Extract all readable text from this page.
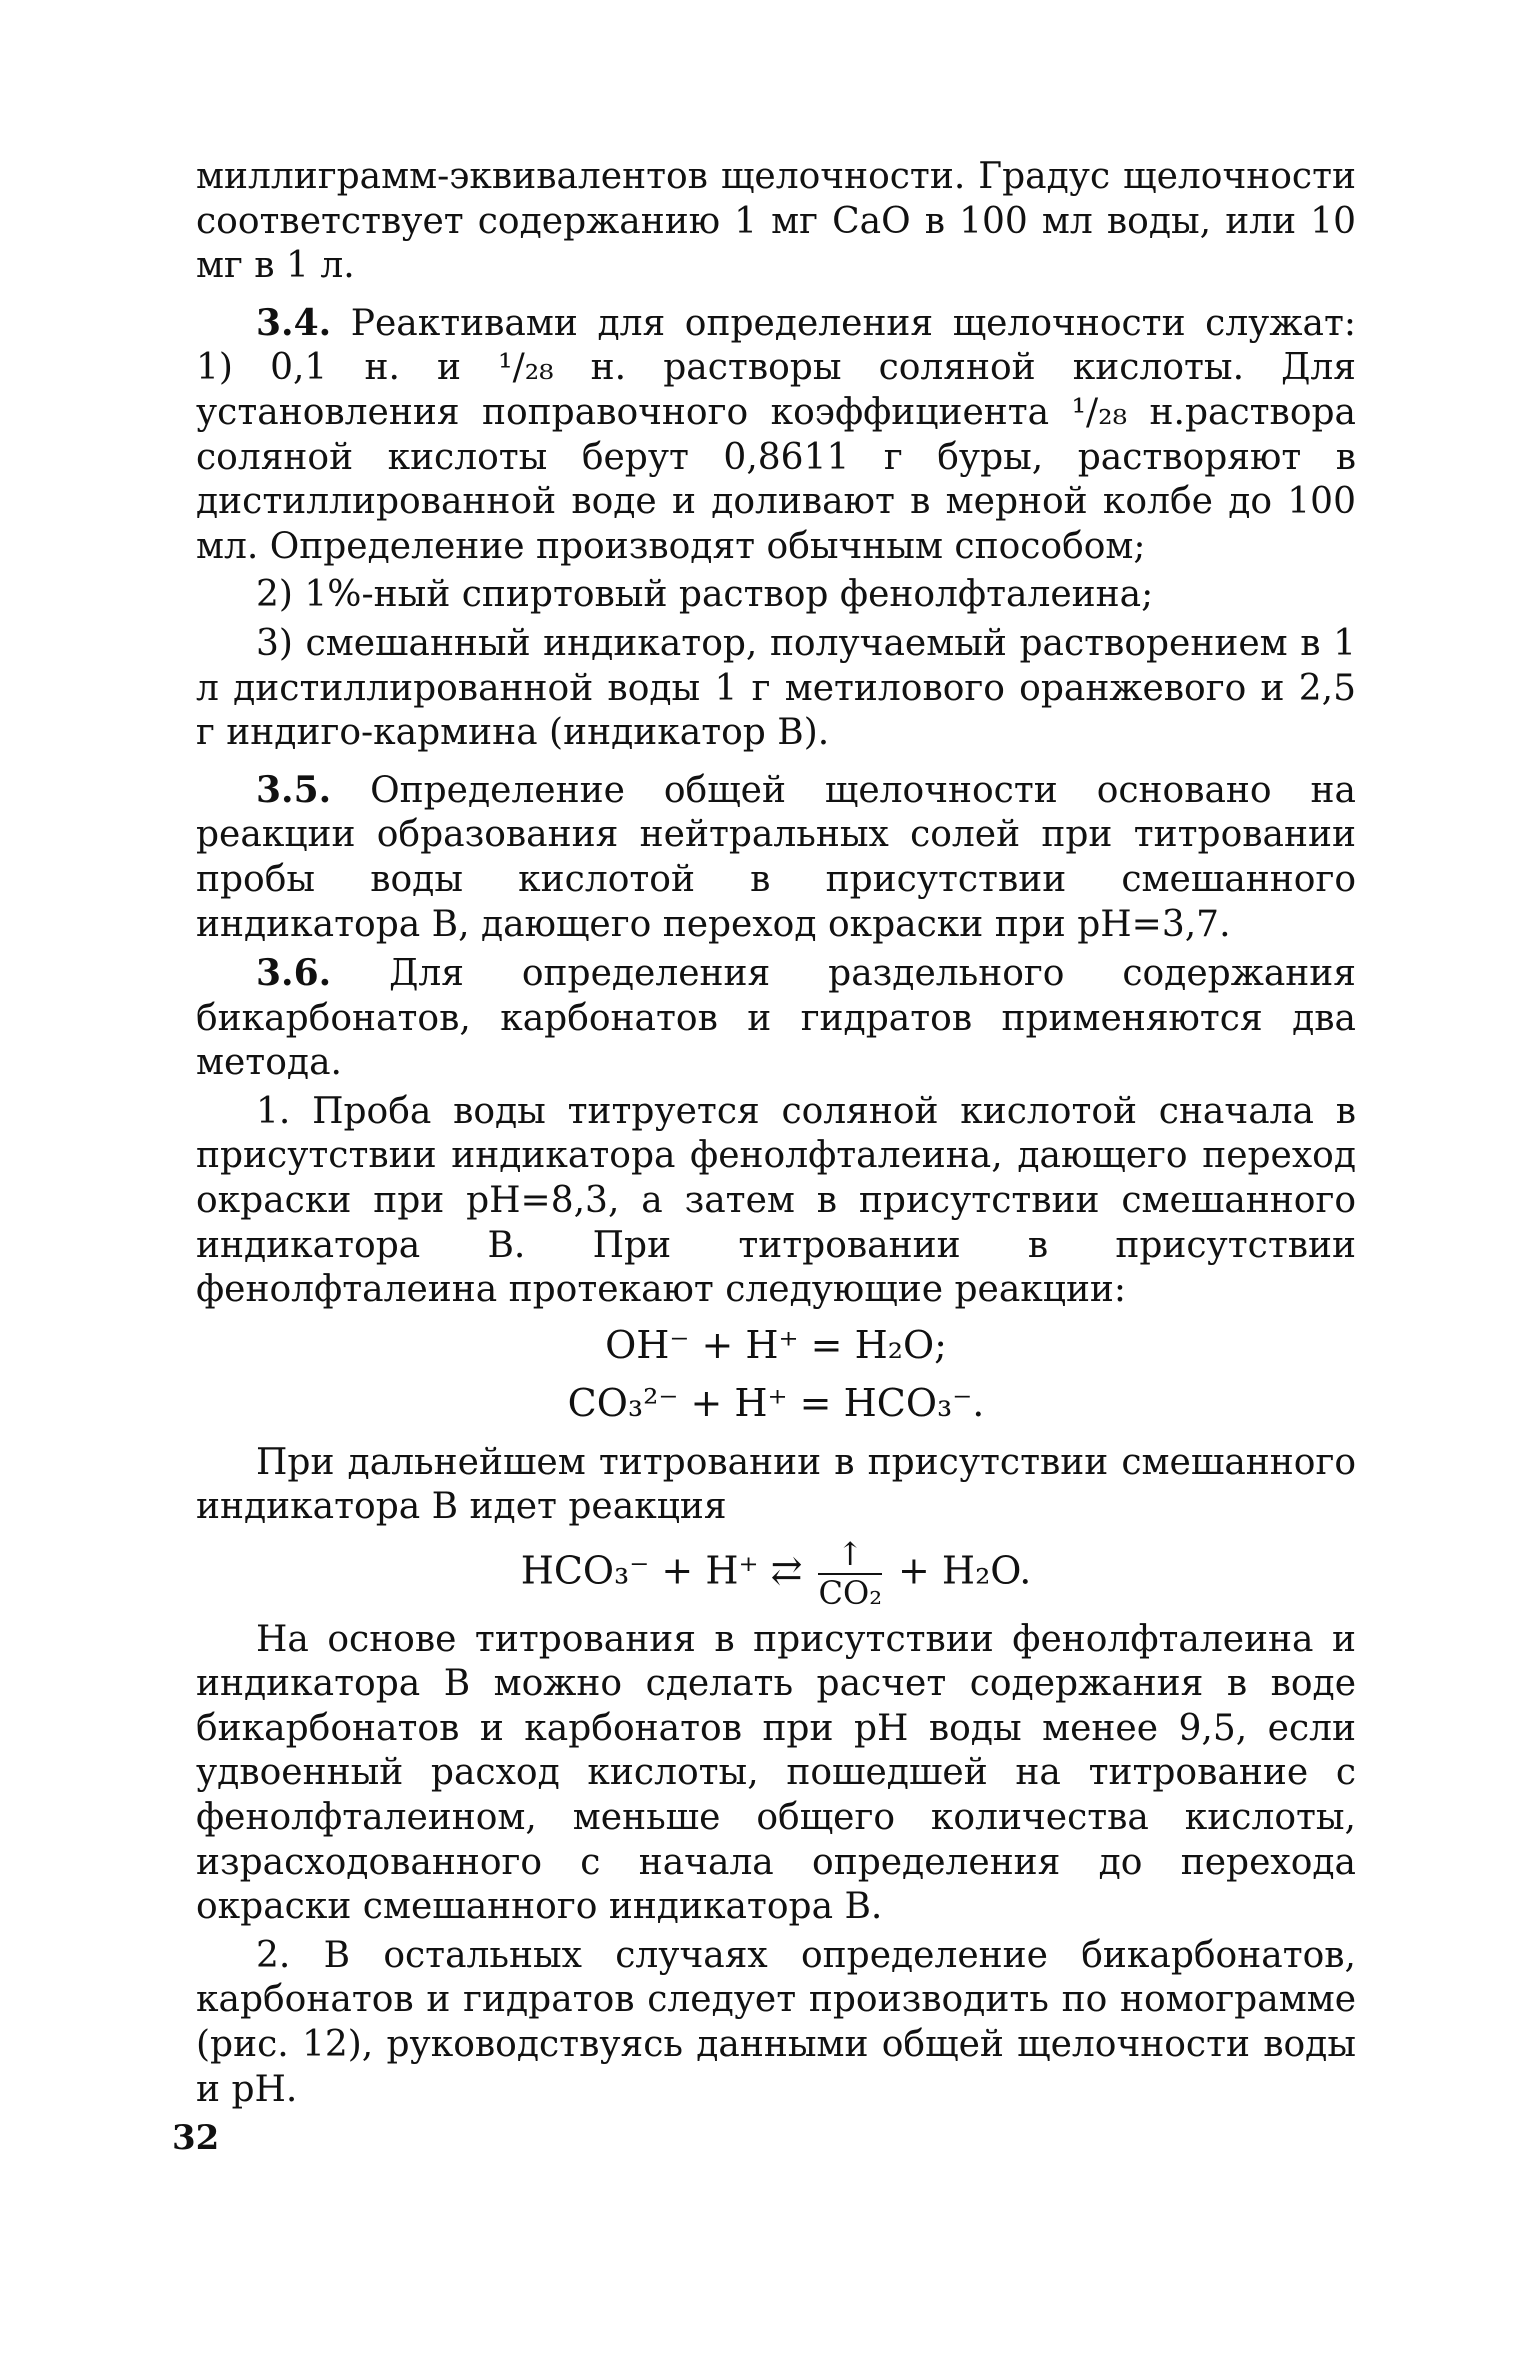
миллиграмм-эквивалентов щелочности. Градус щелочности соответствует содержанию 1 мг CaO в 100 мл воды, или 10 мг в 1 л.

3.4. Реактивами для определения щелочности служат: 1) 0,1 н. и ¹/₂₈ н. растворы соляной кислоты. Для установления поправочного коэффициента ¹/₂₈ н.раствора соляной кислоты берут 0,8611 г буры, растворяют в дистиллированной воде и доливают в мерной колбе до 100 мл. Определение производят обычным способом;

2) 1%-ный спиртовый раствор фенолфталеина;

3) смешанный индикатор, получаемый растворением в 1 л дистиллированной воды 1 г метилового оранжевого и 2,5 г индиго-кармина (индикатор В).

3.5. Определение общей щелочности основано на реакции образования нейтральных солей при титровании пробы воды кислотой в присутствии смешанного индикатора В, дающего переход окраски при pH=3,7.

3.6. Для определения раздельного содержания бикарбонатов, карбонатов и гидратов применяются два метода.

1. Проба воды титруется соляной кислотой сначала в присутствии индикатора фенолфталеина, дающего переход окраски при pH=8,3, а затем в присутствии смешанного индикатора В. При титровании в присутствии фенолфталеина протекают следующие реакции:

OH⁻ + H⁺ = H₂O;
CO₃²⁻ + H⁺ = HCO₃⁻.

При дальнейшем титровании в присутствии смешанного индикатора В идет реакция

HCO₃⁻ + H⁺ ⇄ $\frac{↑}{\text{CO₂}} + H_2O$.

На основе титрования в присутствии фенолфталеина и индикатора В можно сделать расчет содержания в воде бикарбонатов и карбонатов при pH воды менее 9,5, если удвоенный расход кислоты, пошедшей на титрование с фенолфталеином, меньше общего количества кислоты, израсходованного с начала определения до перехода окраски смешанного индикатора В.

2. В остальных случаях определение бикарбонатов, карбонатов и гидратов следует производить по номограмме (рис. 12), руководствуясь данными общей щелочности воды и pH.

32
